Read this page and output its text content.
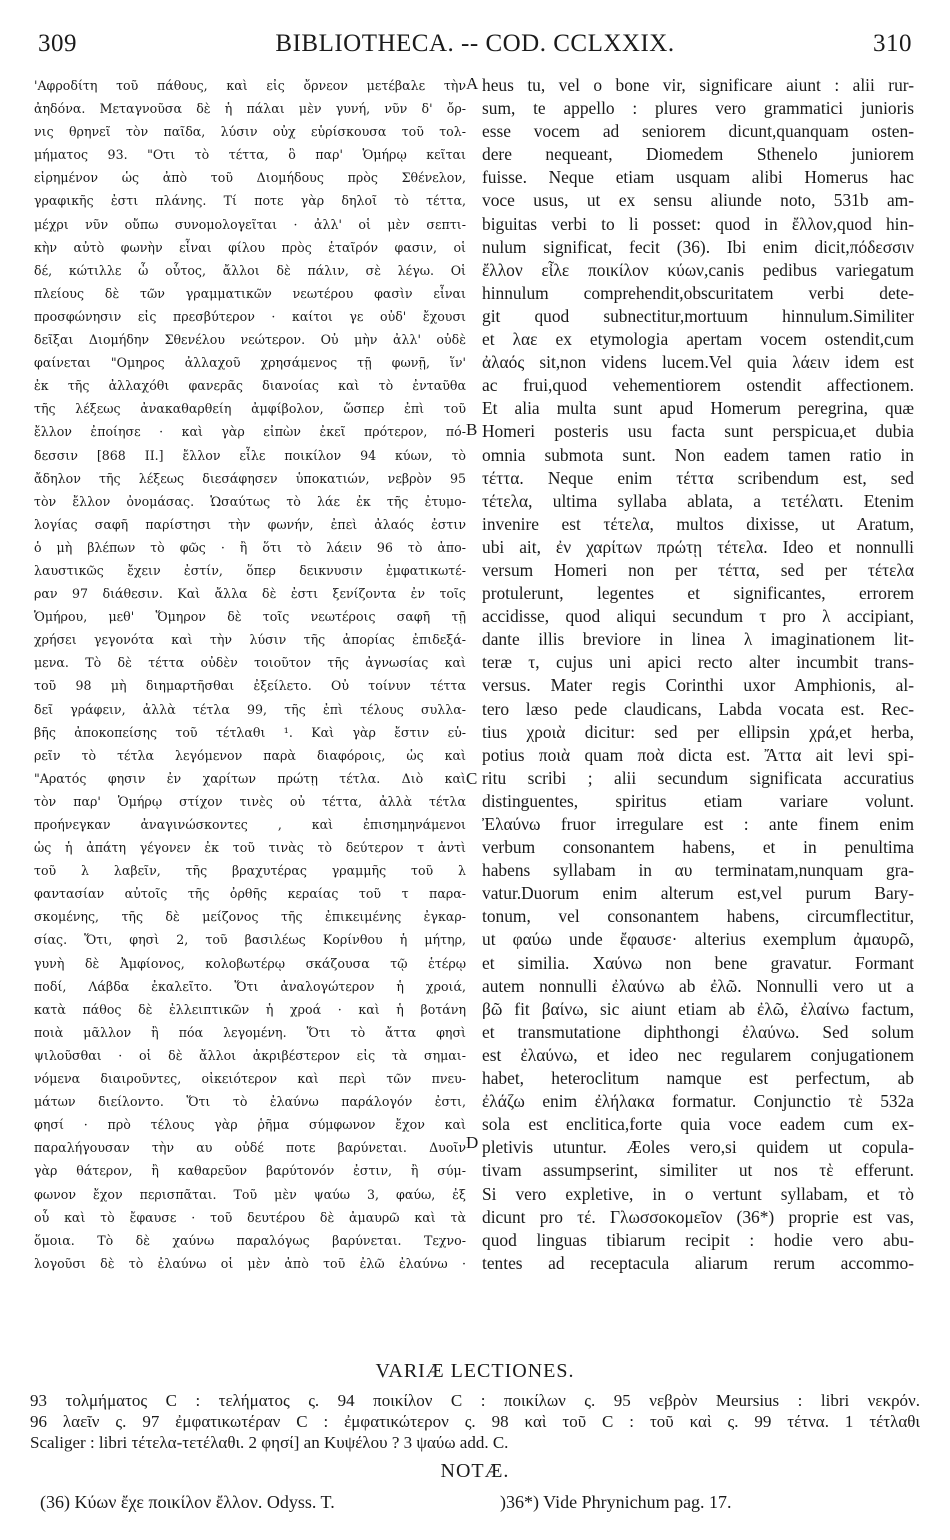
309	BIBLIOTHECA. -- COD. CCLXXIX.	310
'Αφροδίτη τοῦ πάθους, καὶ εἰς ὄρνεον μετέβαλε τὴν
ἀηδόνα. Μεταγνοῦσα δὲ ἡ πάλαι μὲν γυνή, νῦν δ' ὄρ-
νις θρηνεῖ τὸν παῖδα, λύσιν οὐχ εὑρίσκουσα τοῦ τολ-
μήματος 93. "Οτι τὸ τέττα, ὃ παρ' Ὁμήρῳ κεῖται
εἰρημένον ὡς ἀπὸ τοῦ Διομήδους πρὸς Σθένελον,
γραφικῆς ἐστι πλάνης. Τί ποτε γὰρ δηλοῖ τὸ τέττα,
μέχρι νῦν οὔπω συνομολογεῖται · ἀλλ' οἱ μὲν σεπτι-
κὴν αὐτὸ φωνὴν εἶναι φίλου πρὸς ἑταῖρόν φασιν, οἱ
δέ, κώτιλλε ὦ οὗτος, ἄλλοι δὲ πάλιν, σὲ λέγω. Οἱ
πλείους δὲ τῶν γραμματικῶν νεωτέρου φασὶν εἶναι
προσφώνησιν εἰς πρεσβύτερον · καίτοι γε οὐδ' ἔχουσι
δεῖξαι Διομήδην Σθενέλου νεώτερον. Οὐ μὴν ἀλλ' οὐδὲ
φαίνεται "Ομηρος ἀλλαχοῦ χρησάμενος τῇ φωνῇ, ἵν'
ἐκ τῆς ἀλλαχόθι φανερᾶς διανοίας καὶ τὸ ἐνταῦθα
τῆς λέξεως ἀνακαθαρθείη ἀμφίβολον, ὥσπερ ἐπὶ τοῦ
ἔλλον ἐποίησε · καὶ γὰρ εἰπὼν ἐκεῖ πρότερον, πό-
δεσσιν [868 II.] ἔλλον εἶλε ποικίλον 94 κύων, τὸ
ἄδηλον τῆς λέξεως διεσάφησεν ὑποκατιών, νεβρὸν 95
τὸν ἔλλον ὀνομάσας. Ὡσαύτως τὸ λάε ἐκ τῆς ἐτυμο-
λογίας σαφῆ παρίστησι τὴν φωνήν, ἐπεὶ ἀλαός ἐστιν
ὁ μὴ βλέπων τὸ φῶς · ἢ ὅτι τὸ λάειν 96 τὸ ἀπο-
λαυστικῶς ἔχειν ἐστίν, ὅπερ δεικνυσιν ἐμφατικωτέ-
ραν 97 διάθεσιν. Καὶ ἄλλα δὲ ἐστι ξενίζοντα ἐν τοῖς
Ὁμήρου, μεθ' Ὅμηρον δὲ τοῖς νεωτέροις σαφῆ τῇ
χρήσει γεγονότα καὶ τὴν λύσιν τῆς ἀπορίας ἐπιδεξά-
μενα. Τὸ δὲ τέττα οὐδὲν τοιοῦτον τῆς ἀγνωσίας καὶ
τοῦ 98 μὴ διημαρτῆσθαι ἐξείλετο. Οὐ τοίνυν τέττα
δεῖ γράφειν, ἀλλὰ τέτλα 99, τῆς ἐπὶ τέλους συλλα-
βῆς ἀποκοπείσης τοῦ τέτλαθι ¹. Καὶ γὰρ ἔστιν εὑ-
ρεῖν τὸ τέτλα λεγόμενον παρὰ διαφόροις, ὡς καὶ
"Αρατός φησιν ἐν χαρίτων πρώτῃ τέτλα. Διὸ καὶ
τὸν παρ' Ὁμήρῳ στίχον τινὲς οὐ τέττα, ἀλλὰ τέτλα
προήνεγκαν ἀναγινώσκοντες , καὶ ἐπισημηνάμενοι
ὡς ἡ ἀπάτη γέγονεν ἐκ τοῦ τινὰς τὸ δεύτερον τ ἀντὶ
τοῦ λ λαβεῖν, τῆς βραχυτέρας γραμμῆς τοῦ λ
φαντασίαν αὐτοῖς τῆς ὀρθῆς κεραίας τοῦ τ παρα-
σκομένης, τῆς δὲ μείζονος τῆς ἐπικειμένης ἐγκαρ-
σίας. Ὅτι, φησὶ 2, τοῦ βασιλέως Κορίνθου ἡ μήτηρ,
γυνὴ δὲ Ἀμφίονος, κολοβωτέρῳ σκάζουσα τῷ ἑτέρῳ
ποδί, Λάβδα ἐκαλεῖτο. Ὅτι ἀναλογώτερον ἡ χροιά,
κατὰ πάθος δὲ ἐλλειπτικῶν ἡ χροά · καὶ ἡ βοτάνη
ποιὰ μᾶλλον ἢ πόα λεγομένη. Ὅτι τὸ ἄττα φησὶ
ψιλοῦσθαι · οἱ δὲ ἄλλοι ἀκριβέστερον εἰς τὰ σημαι-
νόμενα διαιροῦντες, οἰκειότερον καὶ περὶ τῶν πνευ-
μάτων διείλοντο. Ὅτι τὸ ἐλαύνω παράλογόν ἐστι,
φησί · πρὸ τέλους γὰρ ῥῆμα σύμφωνον ἔχον καὶ
παραλήγουσαν τὴν αυ οὐδέ ποτε βαρύνεται. Δυοῖν
γὰρ θάτερον, ἢ καθαρεῦον βαρύτονόν ἐστιν, ἢ σύμ-
φωνον ἔχον περισπᾶται. Τοῦ μὲν ψαύω 3, φαύω, ἐξ
οὗ καὶ τὸ ἔφαυσε · τοῦ δευτέρου δὲ ἀμαυρῶ καὶ τὰ
ὅμοια. Τὸ δὲ χαύνω παραλόγως βαρύνεται. Τεχνο-
λογοῦσι δὲ τὸ ἐλαύνω οἱ μὲν ἀπὸ τοῦ ἐλῶ ἐλαύνω ·
heus tu, vel o bone vir, significare aiunt : alii rur-
sum, te appello : plures vero grammatici junioris
esse vocem ad seniorem dicunt,quanquam osten-
dere nequeant, Diomedem Sthenelo juniorem
fuisse. Neque etiam usquam alibi Homerus hac
voce usus, ut ex sensu aliunde noto, 531b am-
biguitas verbi to li posset: quod in ἔλλον,quod hin-
nulum significat, fecit (36). Ibi enim dicit,πόδεσσιν
ἔλλον εἶλε ποικίλον κύων,canis pedibus variegatum
hinnulum comprehendit,obscuritatem verbi dete-
git quod subnectitur,mortuum hinnulum.Similiter
et λαε ex etymologia apertam vocem ostendit,cum
ἀλαός sit,non videns lucem.Vel quia λάειν idem est
ac frui,quod vehementiorem ostendit affectionem.
Et alia multa sunt apud Homerum peregrina, quæ
Homeri posteris usu facta sunt perspicua,et dubia
omnia submota sunt. Non eadem tamen ratio in
τέττα. Neque enim τέττα scribendum est, sed
τέτελα, ultima syllaba ablata, a τετέλατι. Etenim
invenire est τέτελα, multos dixisse, ut Aratum,
ubi ait, ἐν χαρίτων πρώτῃ τέτελα. Ideo et nonnulli
versum Homeri non per τέττα, sed per τέτελα
protulerunt, legentes et significantes, errorem
accidisse, quod aliqui secundum τ pro λ accipiant,
dante illis breviore in linea λ imaginationem lit-
teræ τ, cujus uni apici recto alter incumbit trans-
versus. Mater regis Corinthi uxor Amphionis, al-
tero læso pede claudicans, Labda vocata est. Rec-
tius χροιὰ dicitur: sed per ellipsin χρά,et herba,
potius ποιὰ quam ποὰ dicta est. Ἄττα ait levi spi-
ritu scribi ; alii secundum significata accuratius
distinguentes, spiritus etiam variare volunt.
Ἐλαύνω fruor irregulare est : ante finem enim
verbum consonantem habens, et in penultima
habens syllabam in αυ terminatam,nunquam gra-
vatur.Duorum enim alterum est,vel purum Bary-
tonum, vel consonantem habens, circumflectitur,
ut φαύω unde ἔφαυσε· alterius exemplum ἀμαυρῶ,
et similia. Χαύνω non bene gravatur. Formant
autem nonnulli ἐλαύνω ab ἐλῶ. Nonnulli vero ut a
βῶ fit βαίνω, sic aiunt etiam ab ἐλῶ, ἐλαίνω factum,
et transmutatione diphthongi ἐλαύνω. Sed solum
est ἐλαύνω, et ideo nec regularem conjugationem
habet, heteroclitum namque est perfectum, ab
ἐλάζω enim ἐλήλακα formatur. Conjunctio τὲ 532a
sola est enclitica,forte quia voce eadem cum ex-
pletivis utuntur. Æoles vero,si quidem ut copula-
tivam assumpserint, similiter ut nos τὲ efferunt.
Si vero expletive, in o vertunt syllabam, et τὸ
dicunt pro τέ. Γλωσσοκομεῖον (36*) proprie est vas,
quod linguas tibiarum recipit : hodie vero abu-
tentes ad receptacula aliarum rerum accommo-
A
B
C
D
VARIÆ LECTIONES.
93 τολμήματος C : τελήματος ς. 94 ποικίλον C : ποικίλων ς. 95 νεβρὸν Meursius : libri νεκρόν.
96 λαεῖν ς. 97 ἐμφατικωτέραν C : ἐμφατικώτερον ς. 98 καὶ τοῦ C : τοῦ καὶ ς. 99 τέτνα. 1 τέτλαθι
Scaliger : libri τέτελα-τετέλαθι. 2 φησί] an Κυψέλου ? 3 ψαύω add. C.
NOTÆ.
(36) Κύων ἔχε ποικίλον ἔλλον. Odyss. T.	)36*) Vide Phrynichum pag. 17.
